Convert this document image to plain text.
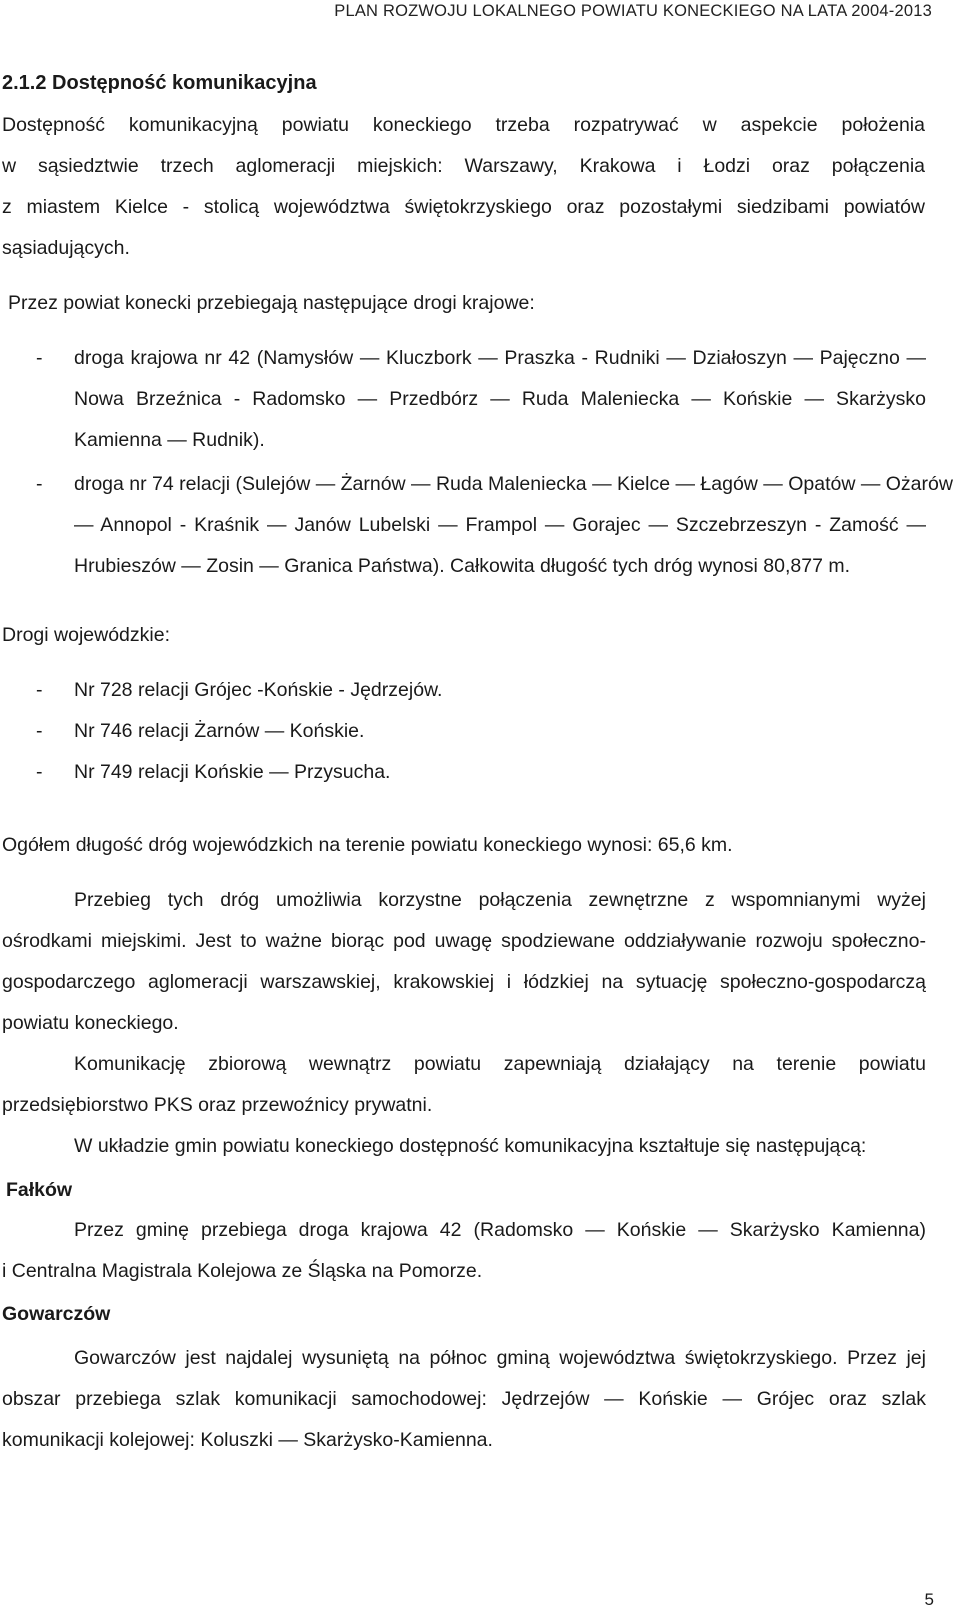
PLAN ROZWOJU LOKALNEGO POWIATU KONECKIEGO NA LATA 2004-2013
2.1.2 Dostępność komunikacyjna
Dostępność komunikacyjną powiatu koneckiego trzeba rozpatrywać w aspekcie położenia
w sąsiedztwie trzech aglomeracji miejskich: Warszawy, Krakowa i Łodzi oraz połączenia
z miastem Kielce - stolicą województwa świętokrzyskiego oraz pozostałymi siedzibami powiatów
sąsiadujących.
Przez powiat konecki przebiegają następujące drogi krajowe:
- droga krajowa nr 42 (Namysłów — Kluczbork — Praszka - Rudniki — Działoszyn — Pajęczno —
Nowa Brzeźnica - Radomsko — Przedbórz — Ruda Maleniecka — Końskie — Skarżysko
Kamienna — Rudnik).
- droga nr 74 relacji (Sulejów — Żarnów — Ruda Maleniecka — Kielce — Łagów — Opatów — Ożarów
— Annopol - Kraśnik — Janów Lubelski — Frampol — Gorajec — Szczebrzeszyn - Zamość —
Hrubieszów — Zosin — Granica Państwa). Całkowita długość tych dróg wynosi 80,877 m.
Drogi wojewódzkie:
- Nr 728 relacji Grójec -Końskie - Jędrzejów.
- Nr 746 relacji Żarnów — Końskie.
- Nr 749 relacji Końskie — Przysucha.
Ogółem długość dróg wojewódzkich na terenie powiatu koneckiego wynosi: 65,6 km.
Przebieg tych dróg umożliwia korzystne połączenia zewnętrzne z wspomnianymi wyżej
ośrodkami miejskimi. Jest to ważne biorąc pod uwagę spodziewane oddziaływanie rozwoju społeczno-
gospodarczego aglomeracji warszawskiej, krakowskiej i łódzkiej na sytuację społeczno-gospodarczą
powiatu koneckiego.
Komunikację zbiorową wewnątrz powiatu zapewniają działający na terenie powiatu
przedsiębiorstwo PKS oraz przewoźnicy prywatni.
W układzie gmin powiatu koneckiego dostępność komunikacyjna kształtuje się następującą:
Fałków
Przez gminę przebiega droga krajowa 42 (Radomsko — Końskie — Skarżysko Kamienna)
i Centralna Magistrala Kolejowa ze Śląska na Pomorze.
Gowarczów
Gowarczów jest najdalej wysuniętą na północ gminą województwa świętokrzyskiego. Przez jej
obszar przebiega szlak komunikacji samochodowej: Jędrzejów — Końskie — Grójec oraz szlak
komunikacji kolejowej: Koluszki — Skarżysko-Kamienna.
5
